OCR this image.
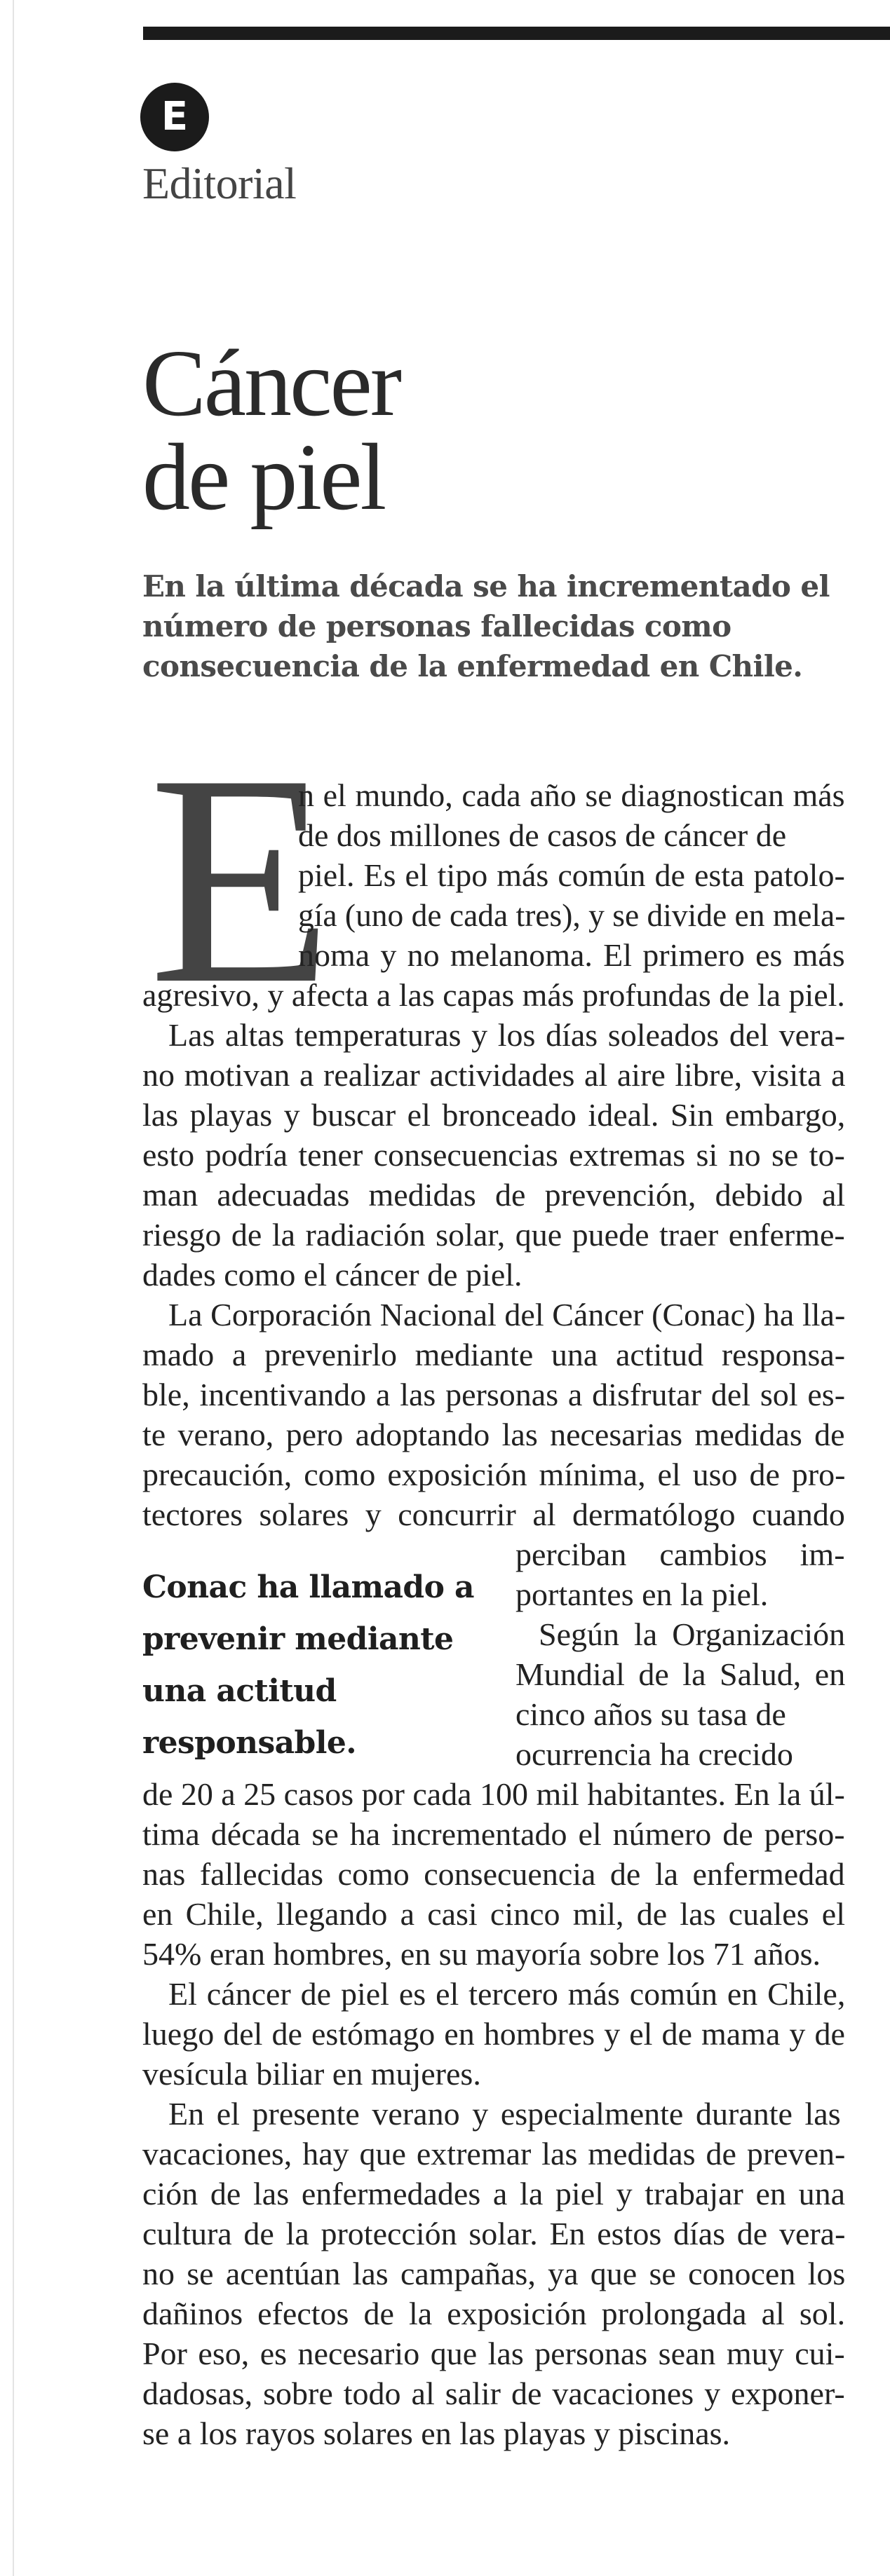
E
Editorial
Cáncer
de piel
En la última década se ha incrementado el
número de personas fallecidas como
consecuencia de la enfermedad en Chile.
E
n el mundo, cada año se diagnostican más
de dos millones de casos de cáncer de
piel. Es el tipo más común de esta patolo-
gía (uno de cada tres), y se divide en mela-
noma y no melanoma. El primero es más
agresivo, y afecta a las capas más profundas de la piel.
Las altas temperaturas y los días soleados del vera-
no motivan a realizar actividades al aire libre, visita a
las playas y buscar el bronceado ideal. Sin embargo,
esto podría tener consecuencias extremas si no se to-
man adecuadas medidas de prevención, debido al
riesgo de la radiación solar, que puede traer enferme-
dades como el cáncer de piel.
La Corporación Nacional del Cáncer (Conac) ha lla-
mado a prevenirlo mediante una actitud responsa-
ble, incentivando a las personas a disfrutar del sol es-
te verano, pero adoptando las necesarias medidas de
precaución, como exposición mínima, el uso de pro-
tectores solares y concurrir al dermatólogo cuando
perciban cambios im-
portantes en la piel.
Según la Organización
Mundial de la Salud, en
cinco años su tasa de
ocurrencia ha crecido
de 20 a 25 casos por cada 100 mil habitantes. En la úl-
tima década se ha incrementado el número de perso-
nas fallecidas como consecuencia de la enfermedad
en Chile, llegando a casi cinco mil, de las cuales el
54% eran hombres, en su mayoría sobre los 71 años.
El cáncer de piel es el tercero más común en Chile,
luego del de estómago en hombres y el de mama y de
vesícula biliar en mujeres.
En el presente verano y especialmente durante las
vacaciones, hay que extremar las medidas de preven-
ción de las enfermedades a la piel y trabajar en una
cultura de la protección solar. En estos días de vera-
no se acentúan las campañas, ya que se conocen los
dañinos efectos de la exposición prolongada al sol.
Por eso, es necesario que las personas sean muy cui-
dadosas, sobre todo al salir de vacaciones y exponer-
se a los rayos solares en las playas y piscinas.
Conac ha llamado a
prevenir mediante
una actitud
responsable.
